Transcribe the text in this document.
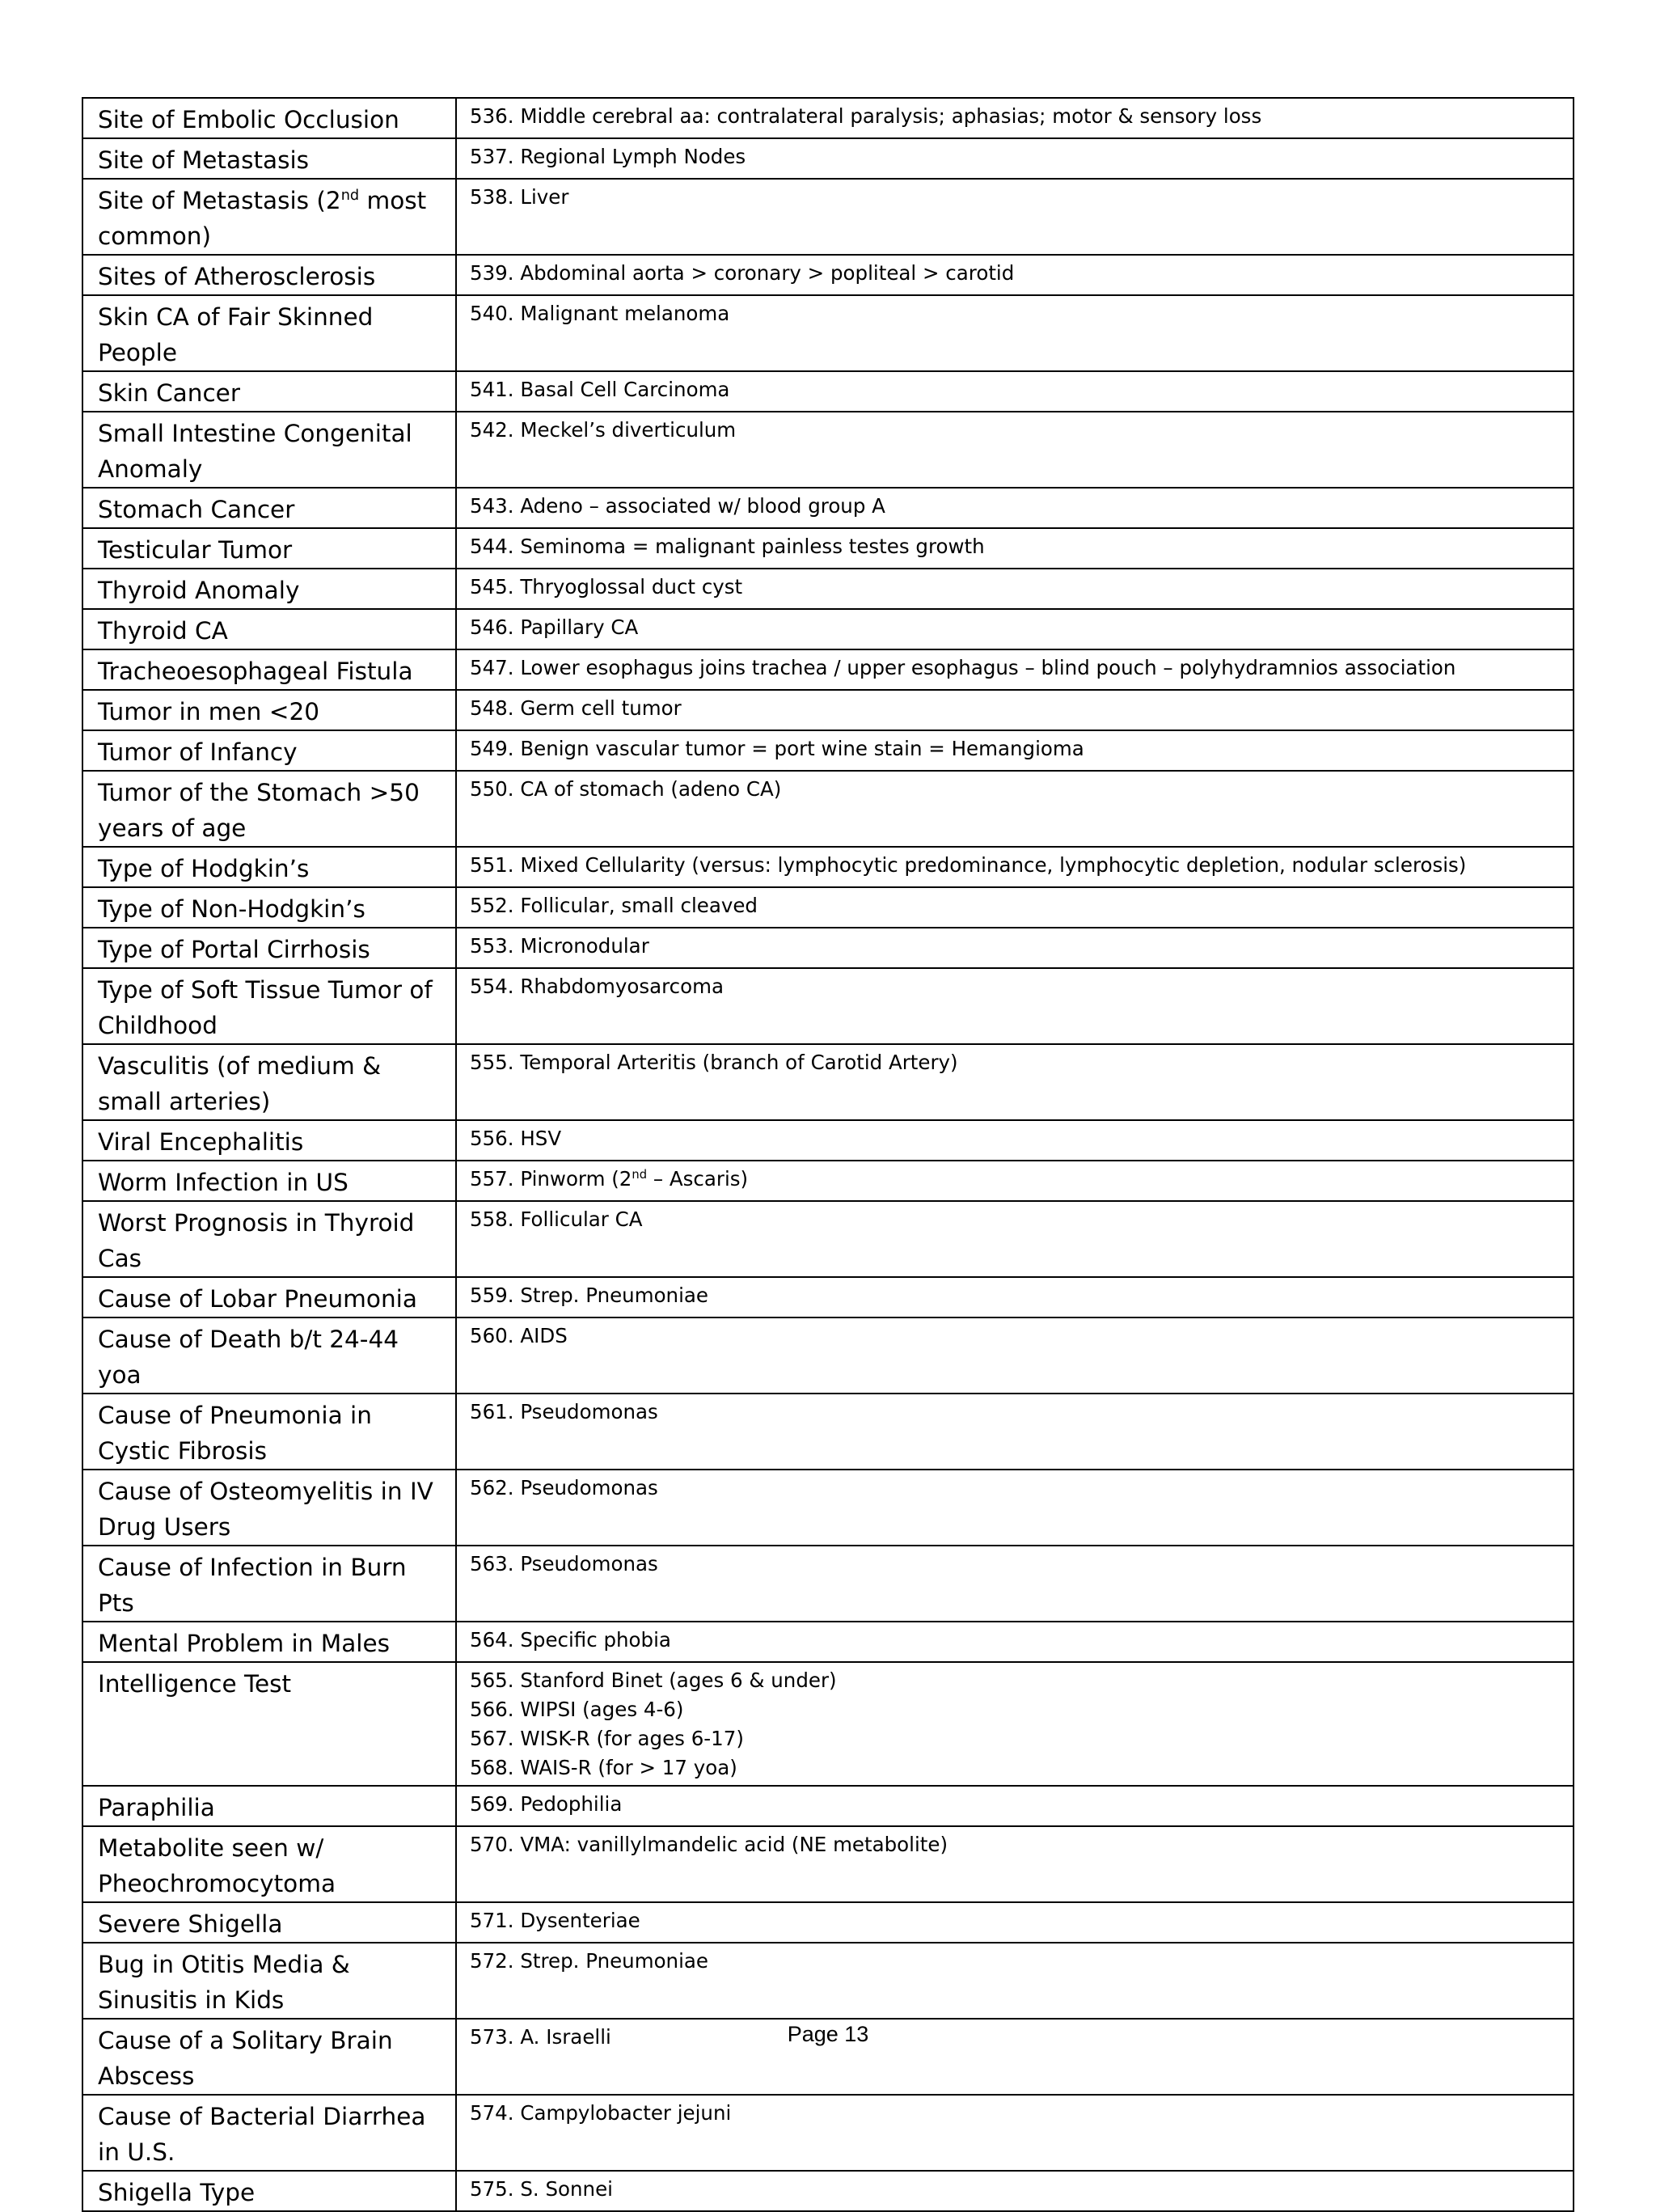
Site of Embolic Occlusion	536. Middle cerebral aa: contralateral paralysis; aphasias; motor & sensory loss

Site of Metastasis	537. Regional Lymph Nodes

Site of Metastasis (2nd most common)	538. Liver

Sites of Atherosclerosis	539. Abdominal aorta > coronary > popliteal > carotid

Skin CA of Fair Skinned People	540. Malignant melanoma

Skin Cancer	541. Basal Cell Carcinoma

Small Intestine Congenital Anomaly	542. Meckel’s diverticulum

Stomach Cancer	543. Adeno – associated w/ blood group A

Testicular Tumor	544. Seminoma = malignant painless testes growth

Thyroid Anomaly	545. Thryoglossal duct cyst

Thyroid CA	546. Papillary CA

Tracheoesophageal Fistula	547. Lower esophagus joins trachea / upper esophagus – blind pouch – polyhydramnios association

Tumor in men <20	548. Germ cell tumor

Tumor of Infancy	549. Benign vascular tumor = port wine stain = Hemangioma

Tumor of the Stomach >50 years of age	550. CA of stomach (adeno CA)

Type of Hodgkin’s	551. Mixed Cellularity (versus: lymphocytic predominance, lymphocytic depletion, nodular sclerosis)

Type of Non-Hodgkin’s	552. Follicular, small cleaved

Type of Portal Cirrhosis	553. Micronodular

Type of Soft Tissue Tumor of Childhood	554. Rhabdomyosarcoma

Vasculitis (of medium & small arteries)	555. Temporal Arteritis (branch of Carotid Artery)

Viral Encephalitis	556. HSV

Worm Infection in US	557. Pinworm (2nd – Ascaris)

Worst Prognosis in Thyroid Cas	558. Follicular CA

Cause of Lobar Pneumonia	559. Strep. Pneumoniae

Cause of Death b/t 24-44 yoa	560. AIDS

Cause of Pneumonia in Cystic Fibrosis	561. Pseudomonas

Cause of Osteomyelitis in IV Drug Users	562. Pseudomonas

Cause of Infection in Burn Pts	563. Pseudomonas

Mental Problem in Males	564. Specific phobia

Intelligence Test	565. Stanford Binet (ages 6 & under)
566. WIPSI (ages 4-6)
567. WISK-R (for ages 6-17)
568. WAIS-R (for > 17 yoa)

Paraphilia	569. Pedophilia

Metabolite seen w/ Pheochromocytoma	570. VMA: vanillylmandelic acid (NE metabolite)

Severe Shigella	571. Dysenteriae

Bug in Otitis Media & Sinusitis in Kids	572. Strep. Pneumoniae

Cause of a Solitary Brain Abscess	573. A. Israelli

Cause of Bacterial Diarrhea in U.S.	574. Campylobacter jejuni

Shigella Type	575. S. Sonnei
Page 13
